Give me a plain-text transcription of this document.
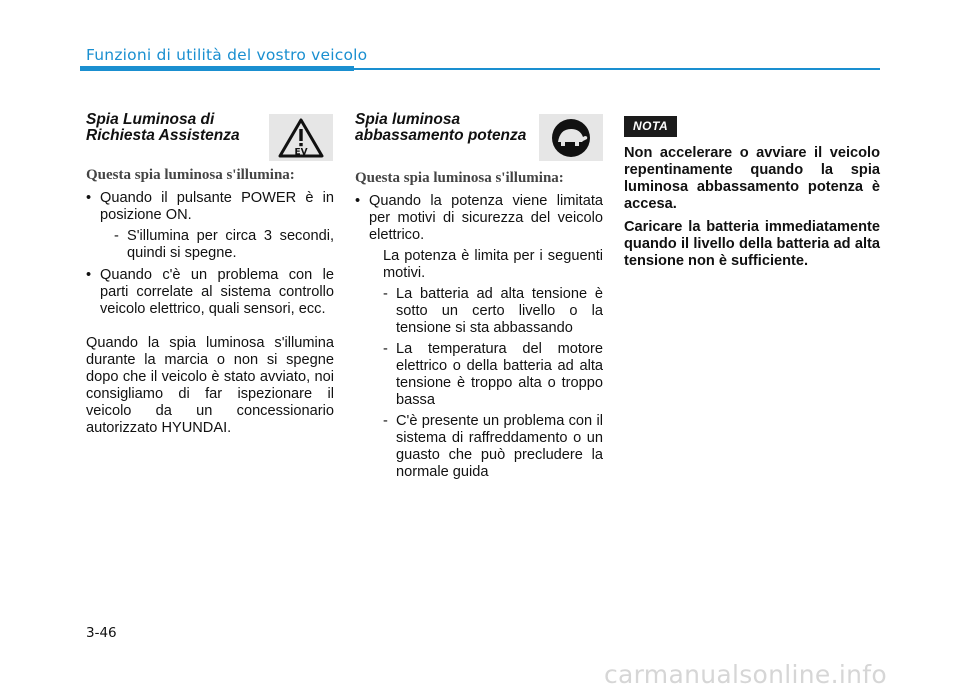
Funzioni di utilità del vostro veicolo
Spia Luminosa di
Richiesta Assistenza

Questa spia luminosa s'illumina:

• Quando il pulsante POWER è in posizione ON.
- S'illumina per circa 3 secondi, quindi si spegne.
• Quando c'è un problema con le parti correlate al sistema controllo veicolo elettrico, quali sensori, ecc.

Quando la spia luminosa s'illumina durante la marcia o non si spegne dopo che il veicolo è stato avviato, noi consigliamo di far ispezionare il veicolo da un concessionario autorizzato HYUNDAI.

EV
Spia luminosa
abbassamento potenza

Questa spia luminosa s'illumina:

• Quando la potenza viene limitata per motivi di sicurezza del veicolo elettrico.
La potenza è limita per i seguenti motivi.
- La batteria ad alta tensione è sotto un certo livello o la tensione si sta abbassando
- La temperatura del motore elettrico o della batteria ad alta tensione è troppo alta o troppo bassa
- C'è presente un problema con il sistema di raffreddamento o un guasto che può precludere la normale guida
NOTA

Non accelerare o avviare il veicolo repentinamente quando la spia luminosa abbassamento potenza è accesa.

Caricare la batteria immediatamente quando il livello della batteria ad alta tensione non è sufficiente.

3-46
carmanualsonline.info
